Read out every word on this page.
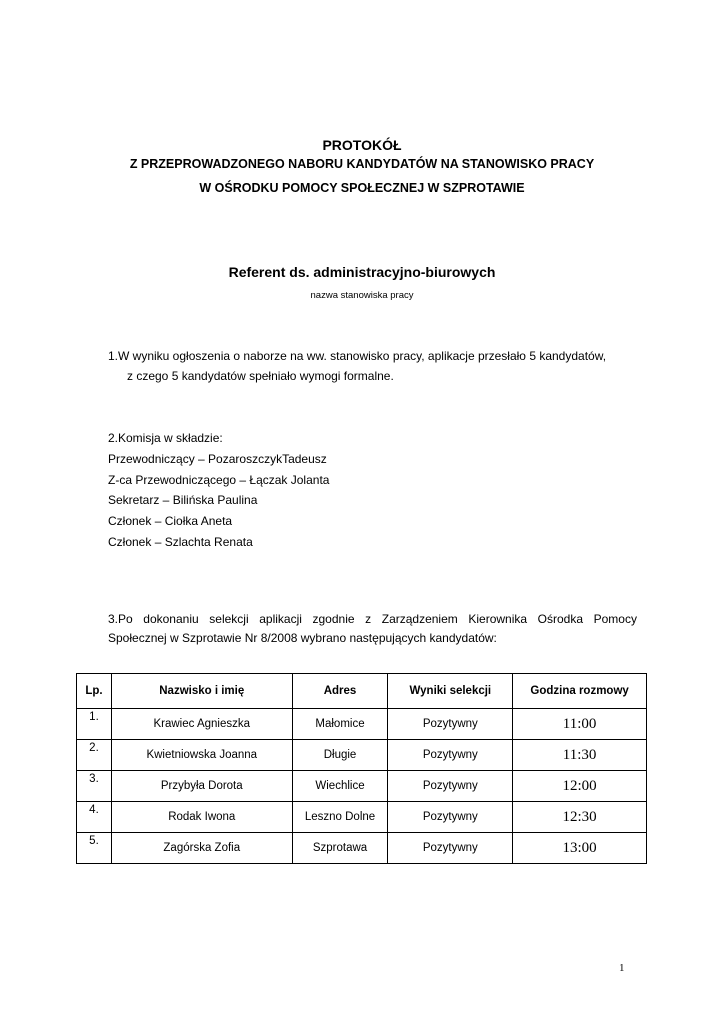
PROTOKÓŁ
Z PRZEPROWADZONEGO NABORU KANDYDATÓW NA STANOWISKO PRACY
W OŚRODKU POMOCY SPOŁECZNEJ W SZPROTAWIE
Referent ds. administracyjno-biurowych
nazwa stanowiska pracy
1.W wyniku ogłoszenia o naborze na ww. stanowisko pracy, aplikacje przesłało 5 kandydatów,
z czego 5 kandydatów spełniało wymogi formalne.
2.Komisja w składzie:
Przewodniczący – PozaroszczykTadeusz
Z-ca Przewodniczącego – Łączak Jolanta
Sekretarz – Bilińska Paulina
Członek – Ciołka Aneta
Członek – Szlachta Renata
3.Po dokonaniu selekcji aplikacji zgodnie z Zarządzeniem Kierownika Ośrodka Pomocy
Społecznej w Szprotawie Nr 8/2008 wybrano następujących kandydatów:
Lp.	Nazwisko i imię	Adres	Wyniki selekcji	Godzina rozmowy
1.	Krawiec Agnieszka	Małomice	Pozytywny	11:00
2.	Kwietniowska Joanna	Długie	Pozytywny	11:30
3.	Przybyła Dorota	Wiechlice	Pozytywny	12:00
4.	Rodak Iwona	Leszno Dolne	Pozytywny	12:30
5.	Zagórska Zofia	Szprotawa	Pozytywny	13:00
1
